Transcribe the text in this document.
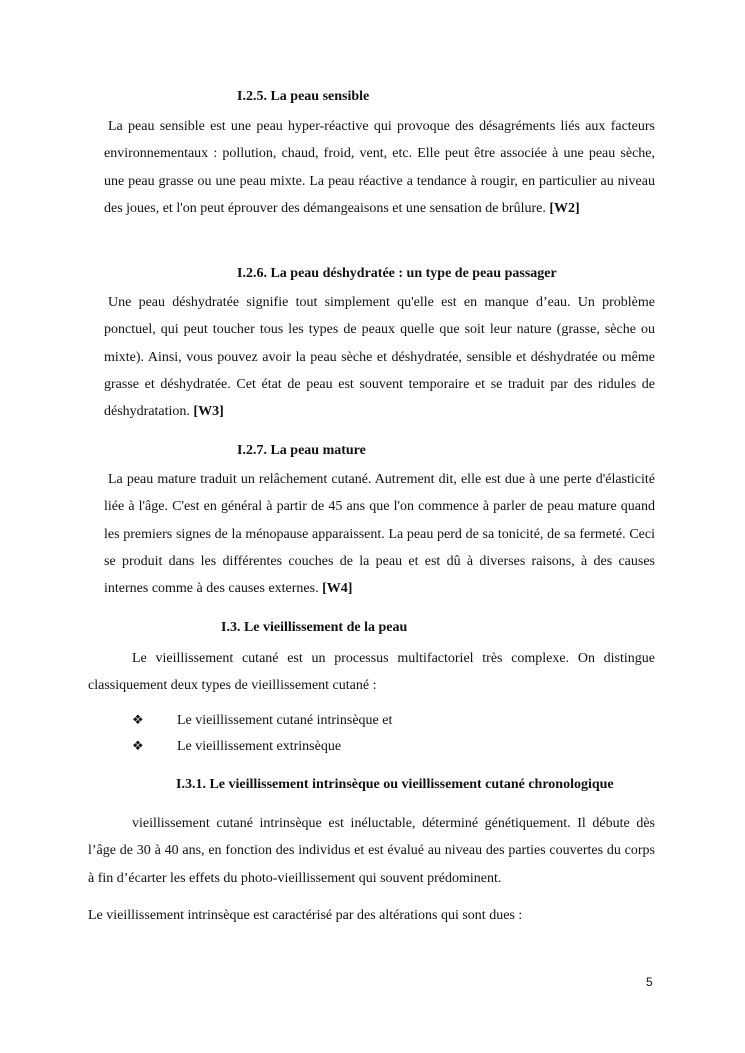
I.2.5. La peau sensible
La peau sensible est une peau hyper-réactive qui provoque des désagréments liés aux facteurs environnementaux : pollution, chaud, froid, vent, etc. Elle peut être associée à une peau sèche, une peau grasse ou une peau mixte. La peau réactive a tendance à rougir, en particulier au niveau des joues, et l'on peut éprouver des démangeaisons et une sensation de brûlure. [W2]
I.2.6. La peau déshydratée : un type de peau passager
Une peau déshydratée signifie tout simplement qu'elle est en manque d’eau. Un problème ponctuel, qui peut toucher tous les types de peaux quelle que soit leur nature (grasse, sèche ou mixte). Ainsi, vous pouvez avoir la peau sèche et déshydratée, sensible et déshydratée ou même grasse et déshydratée. Cet état de peau est souvent temporaire et se traduit par des ridules de déshydratation. [W3]
I.2.7. La peau mature
La peau mature traduit un relâchement cutané. Autrement dit, elle est due à une perte d'élasticité liée à l'âge. C'est en général à partir de 45 ans que l'on commence à parler de peau mature quand les premiers signes de la ménopause apparaissent. La peau perd de sa tonicité, de sa fermeté. Ceci se produit dans les différentes couches de la peau et est dû à diverses raisons, à des causes internes comme à des causes externes. [W4]
I.3. Le vieillissement de la peau
Le vieillissement cutané est un processus multifactoriel très complexe. On distingue classiquement deux types de vieillissement cutané :
❖ Le vieillissement cutané intrinsèque et
❖ Le vieillissement extrinsèque
I.3.1. Le vieillissement intrinsèque ou vieillissement cutané chronologique
vieillissement cutané intrinsèque est inéluctable, déterminé génétiquement. Il débute dès l’âge de 30 à 40 ans, en fonction des individus et est évalué au niveau des parties couvertes du corps à fin d’écarter les effets du photo-vieillissement qui souvent prédominent.
Le vieillissement intrinsèque est caractérisé par des altérations qui sont dues :
5
